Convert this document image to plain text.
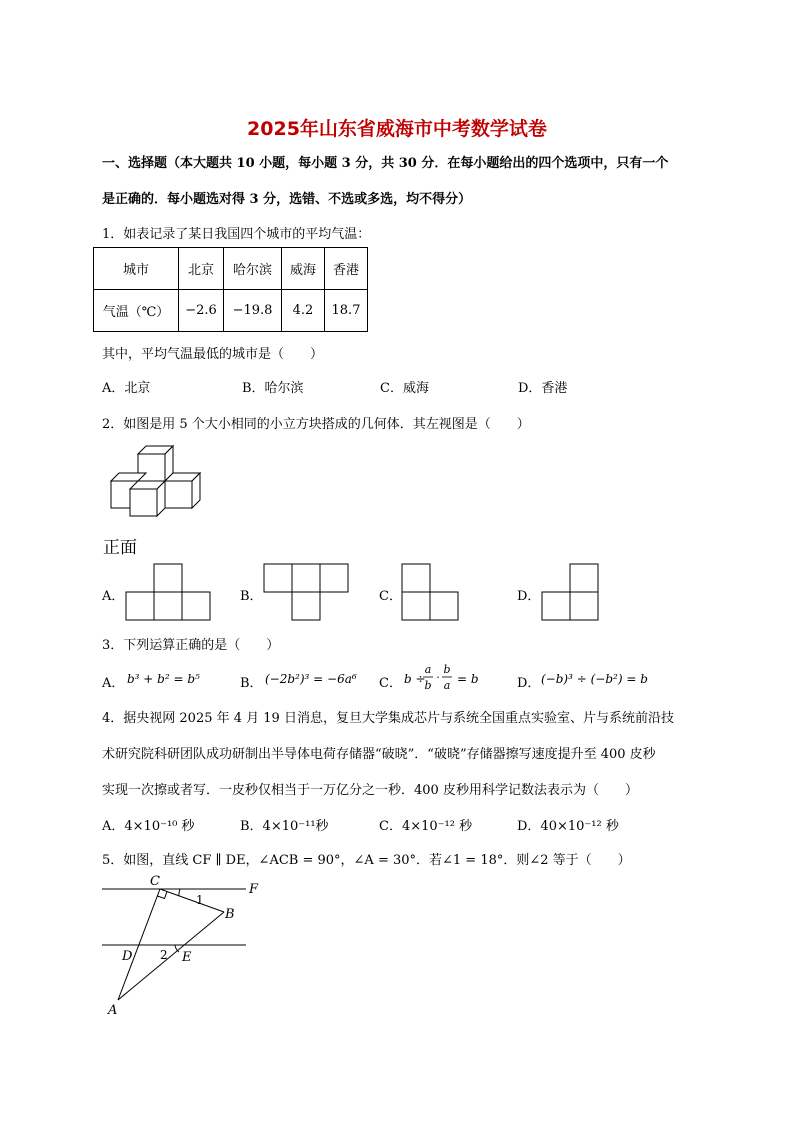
2025年山东省威海市中考数学试卷
一、选择题（本大题共 10 小题，每小题 3 分，共 30 分．在每小题给出的四个选项中，只有一个
是正确的．每小题选对得 3 分，选错、不选或多选，均不得分）
1．如表记录了某日我国四个城市的平均气温：
城市	北京	哈尔滨	威海	香港
气温（℃）	−2.6	−19.8	4.2	18.7
其中，平均气温最低的城市是（　　）
A．北京	B．哈尔滨	C．威海	D．香港
2．如图是用 5 个大小相同的小立方块搭成的几何体．其左视图是（　　）
正面
A．	B．	C．	D．
3．下列运算正确的是（　　）
A． b³ + b² = b⁵	B． (−2b²)³ = −6a⁶ C． b ÷
a
b
·
b
a = b	D． (−b)³ ÷ (−b²) = b
4．据央视网 2025 年 4 月 19 日消息，复旦大学集成芯片与系统全国重点实验室、片与系统前沿技
术研究院科研团队成功研制出半导体电荷存储器“破晓”．“破晓”存储器擦写速度提升至 400 皮秒
实现一次擦或者写．一皮秒仅相当于一万亿分之一秒．400 皮秒用科学记数法表示为（　　）
A．4×10⁻¹⁰ 秒	B．4×10⁻¹¹秒	C．4×10⁻¹² 秒	D．40×10⁻¹² 秒
5．如图，直线 CF ∥ DE，∠ACB = 90°，∠A = 30°．若∠1 = 18°．则∠2 等于（　　）
C
F
B
1
D 2 E
A
